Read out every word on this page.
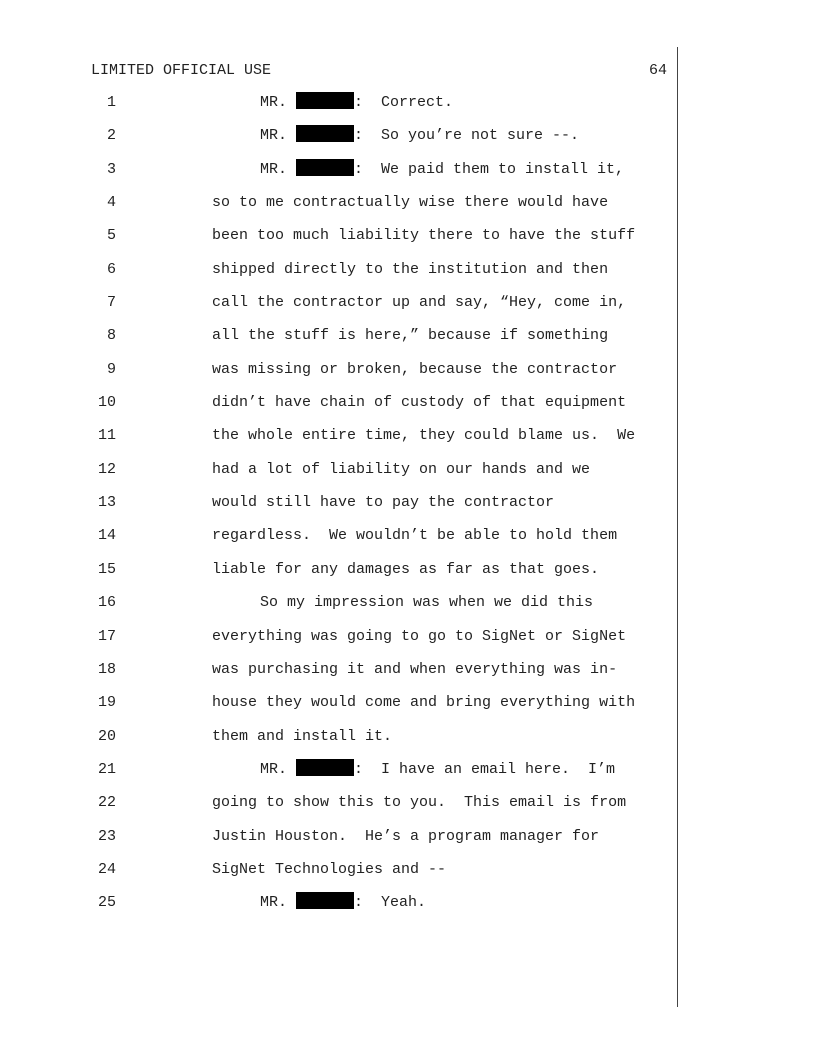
LIMITED OFFICIAL USE	64
1	MR.	:  Correct.
2	MR.	:  So you’re not sure --.
3	MR.	:  We paid them to install it,
4	so to me contractually wise there would have
5	been too much liability there to have the stuff
6	shipped directly to the institution and then
7	call the contractor up and say, “Hey, come in,
8	all the stuff is here,” because if something
9	was missing or broken, because the contractor
10	didn’t have chain of custody of that equipment
11	the whole entire time, they could blame us.  We
12	had a lot of liability on our hands and we
13	would still have to pay the contractor
14	regardless.  We wouldn’t be able to hold them
15	liable for any damages as far as that goes.
16	So my impression was when we did this
17	everything was going to go to SigNet or SigNet
18	was purchasing it and when everything was in-
19	house they would come and bring everything with
20	them and install it.
21	MR.	:  I have an email here.  I’m
22	going to show this to you.  This email is from
23	Justin Houston.  He’s a program manager for
24	SigNet Technologies and --
25	MR.	:  Yeah.
